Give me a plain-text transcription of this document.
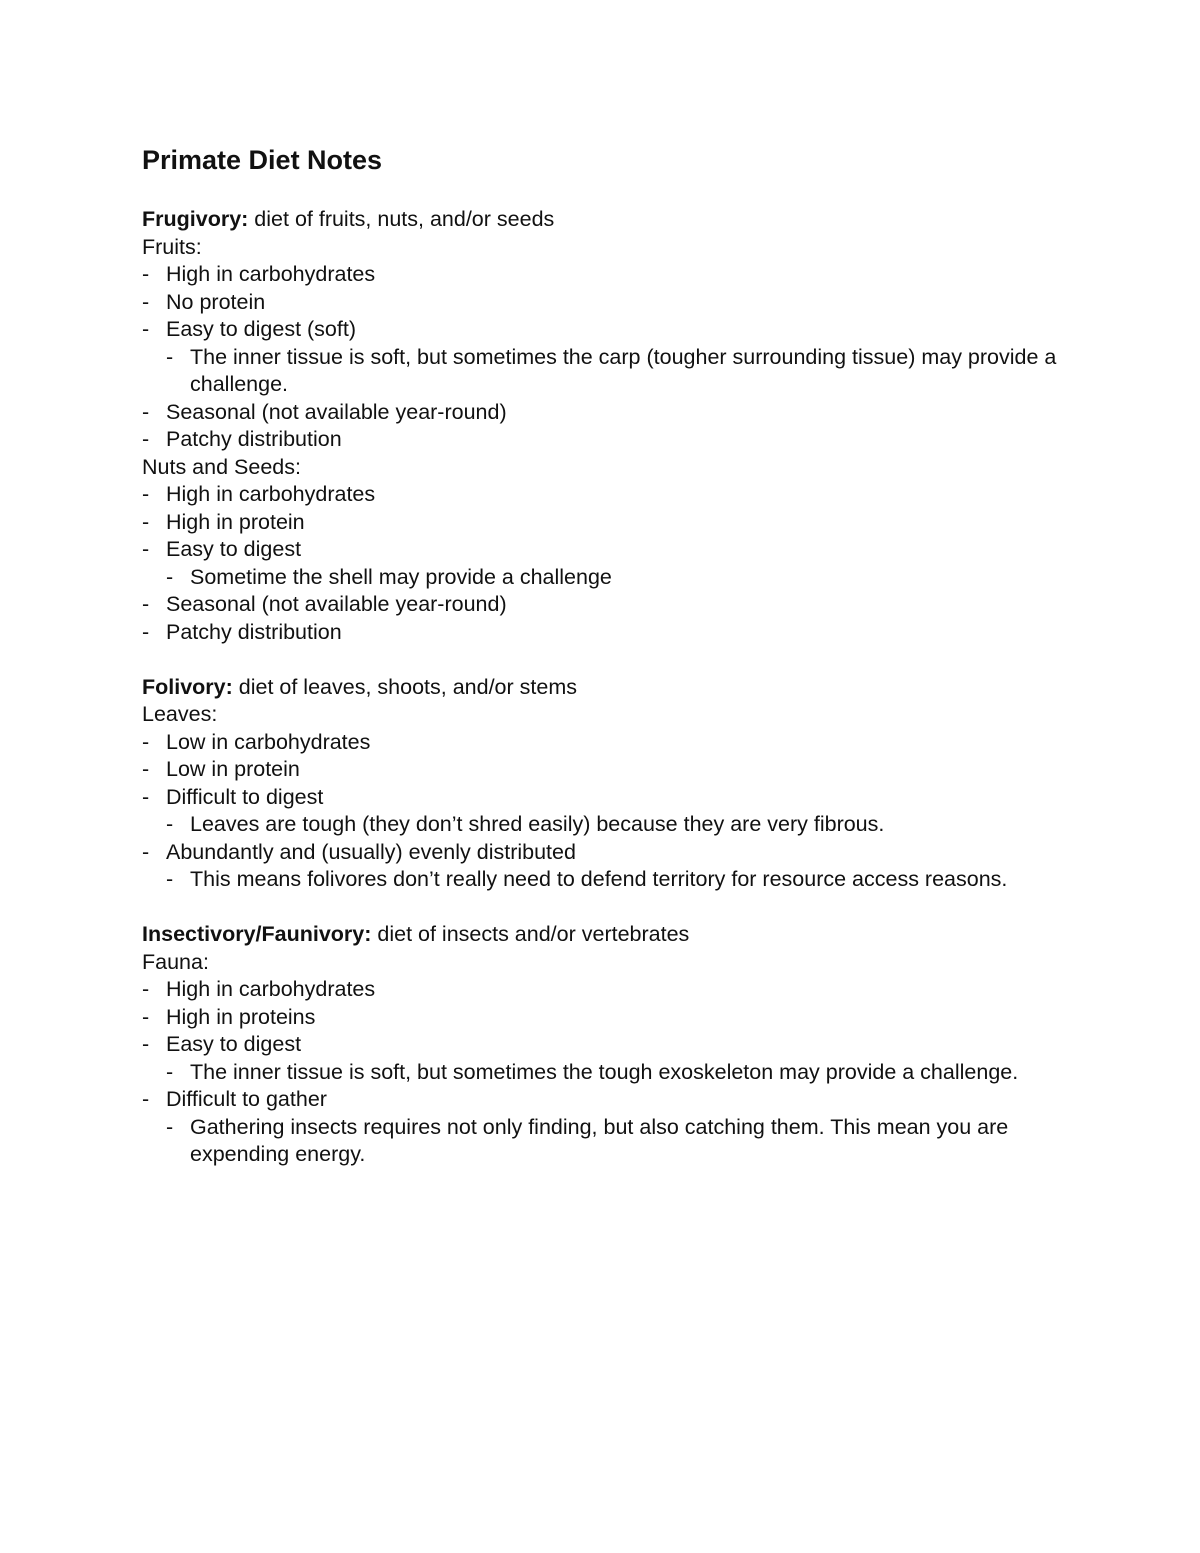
Primate Diet Notes
Frugivory: diet of fruits, nuts, and/or seeds
Fruits:
- High in carbohydrates
- No protein
- Easy to digest (soft)
- The inner tissue is soft, but sometimes the carp (tougher surrounding tissue) may provide a challenge.
- Seasonal (not available year-round)
- Patchy distribution
Nuts and Seeds:
- High in carbohydrates
- High in protein
- Easy to digest
- Sometime the shell may provide a challenge
- Seasonal (not available year-round)
- Patchy distribution
Folivory: diet of leaves, shoots, and/or stems
Leaves:
- Low in carbohydrates
- Low in protein
- Difficult to digest
- Leaves are tough (they don’t shred easily) because they are very fibrous.
- Abundantly and (usually) evenly distributed
- This means folivores don’t really need to defend territory for resource access reasons.
Insectivory/Faunivory: diet of insects and/or vertebrates
Fauna:
- High in carbohydrates
- High in proteins
- Easy to digest
- The inner tissue is soft, but sometimes the tough exoskeleton may provide a challenge.
- Difficult to gather
- Gathering insects requires not only finding, but also catching them. This mean you are expending energy.
